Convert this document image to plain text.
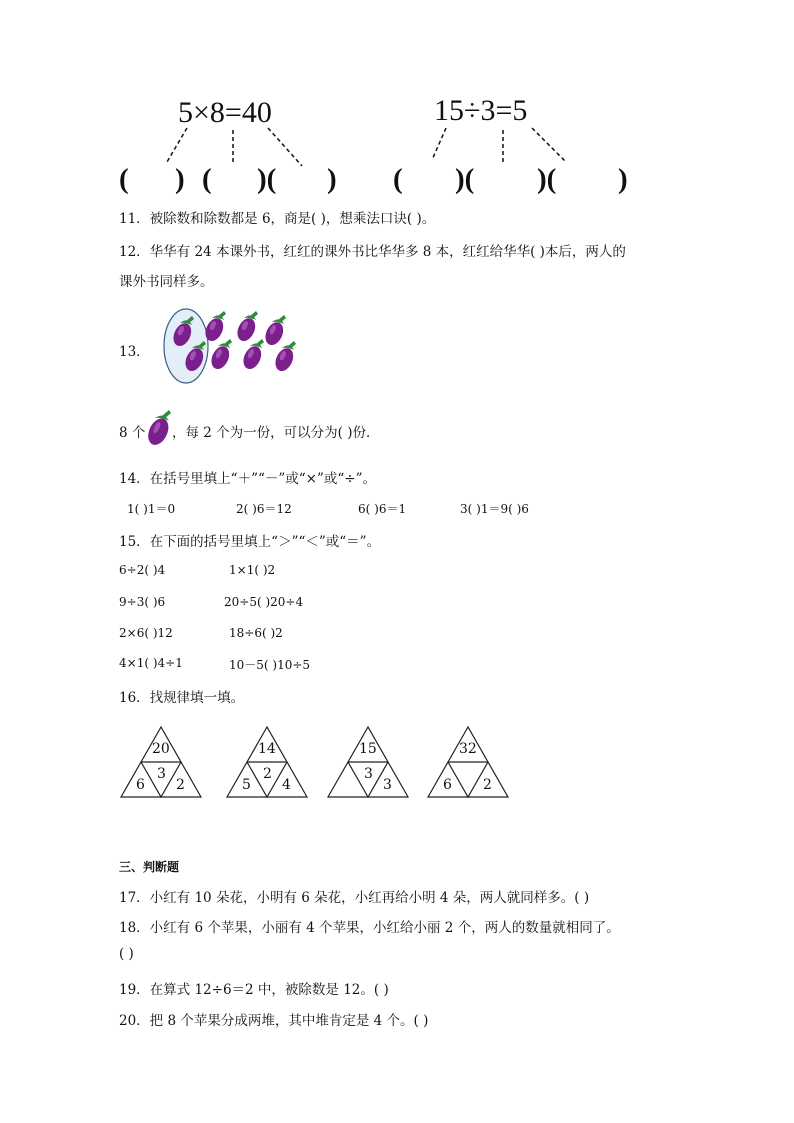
5×8=40
( ) ( )( )
15÷3=5
( )( )( )
11．被除数和除数都是 6，商是( )，想乘法口诀( )。
12．华华有 24 本课外书，红红的课外书比华华多 8 本，红红给华华( )本后，两人的
课外书同样多。
13．
8 个 ，每 2 个为一份，可以分为( )份．
14．在括号里填上“＋”“－”或“×”或“÷”。
1( )1＝0	2( )6＝12	6( )6＝1	3( )1＝9( )6
15．在下面的括号里填上“＞”“＜”或“＝”。
6÷2( )4	1×1( )2
9÷3( )6	20÷5( )20÷4
2×6( )12	18÷6( )2
4×1( )4÷1	10－5( )10÷5
16．找规律填一填。
20
3
6 2
14
2
5 4
15
3
3
32
6 2
三、判断题
17．小红有 10 朵花，小明有 6 朵花，小红再给小明 4 朵，两人就同样多。( )
18．小红有 6 个苹果，小丽有 4 个苹果，小红给小丽 2 个，两人的数量就相同了。
( )
19．在算式 12÷6＝2 中，被除数是 12。( )
20．把 8 个苹果分成两堆，其中堆肯定是 4 个。( )
